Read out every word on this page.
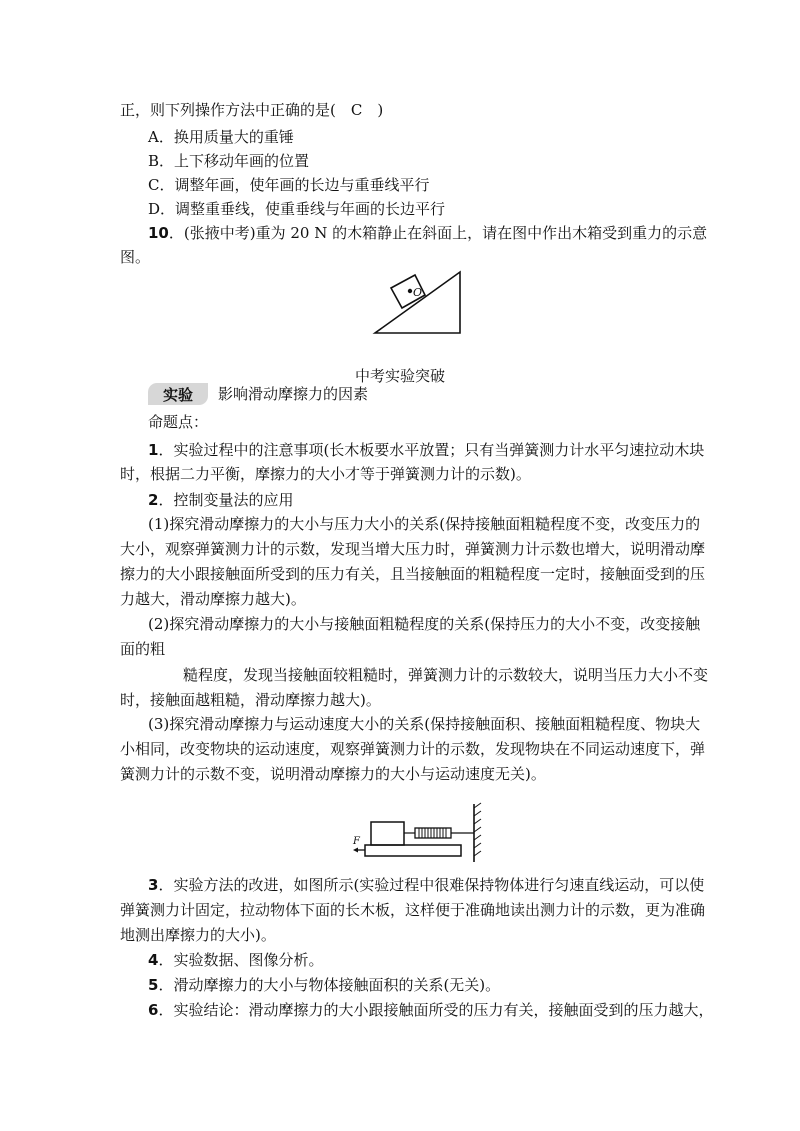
正，则下列操作方法中正确的是(　C　)
A．换用质量大的重锤
B．上下移动年画的位置
C．调整年画，使年画的长边与重垂线平行
D．调整重垂线，使重垂线与年画的长边平行
10．(张掖中考)重为 20 N 的木箱静止在斜面上，请在图中作出木箱受到重力的示意
图。
O
中考实验突破
实验	影响滑动摩擦力的因素
命题点：
1．实验过程中的注意事项(长木板要水平放置；只有当弹簧测力计水平匀速拉动木块
时，根据二力平衡，摩擦力的大小才等于弹簧测力计的示数)。
2．控制变量法的应用
(1)探究滑动摩擦力的大小与压力大小的关系(保持接触面粗糙程度不变，改变压力的
大小，观察弹簧测力计的示数，发现当增大压力时，弹簧测力计示数也增大，说明滑动摩
擦力的大小跟接触面所受到的压力有关，且当接触面的粗糙程度一定时，接触面受到的压
力越大，滑动摩擦力越大)。
(2)探究滑动摩擦力的大小与接触面粗糙程度的关系(保持压力的大小不变，改变接触
面的粗
糙程度，发现当接触面较粗糙时，弹簧测力计的示数较大，说明当压力大小不变
时，接触面越粗糙，滑动摩擦力越大)。
(3)探究滑动摩擦力与运动速度大小的关系(保持接触面积、接触面粗糙程度、物块大
小相同，改变物块的运动速度，观察弹簧测力计的示数，发现物块在不同运动速度下，弹
簧测力计的示数不变，说明滑动摩擦力的大小与运动速度无关)。
F
3．实验方法的改进，如图所示(实验过程中很难保持物体进行匀速直线运动，可以使
弹簧测力计固定，拉动物体下面的长木板，这样便于准确地读出测力计的示数，更为准确
地测出摩擦力的大小)。
4．实验数据、图像分析。
5．滑动摩擦力的大小与物体接触面积的关系(无关)。
6．实验结论：滑动摩擦力的大小跟接触面所受的压力有关，接触面受到的压力越大，
